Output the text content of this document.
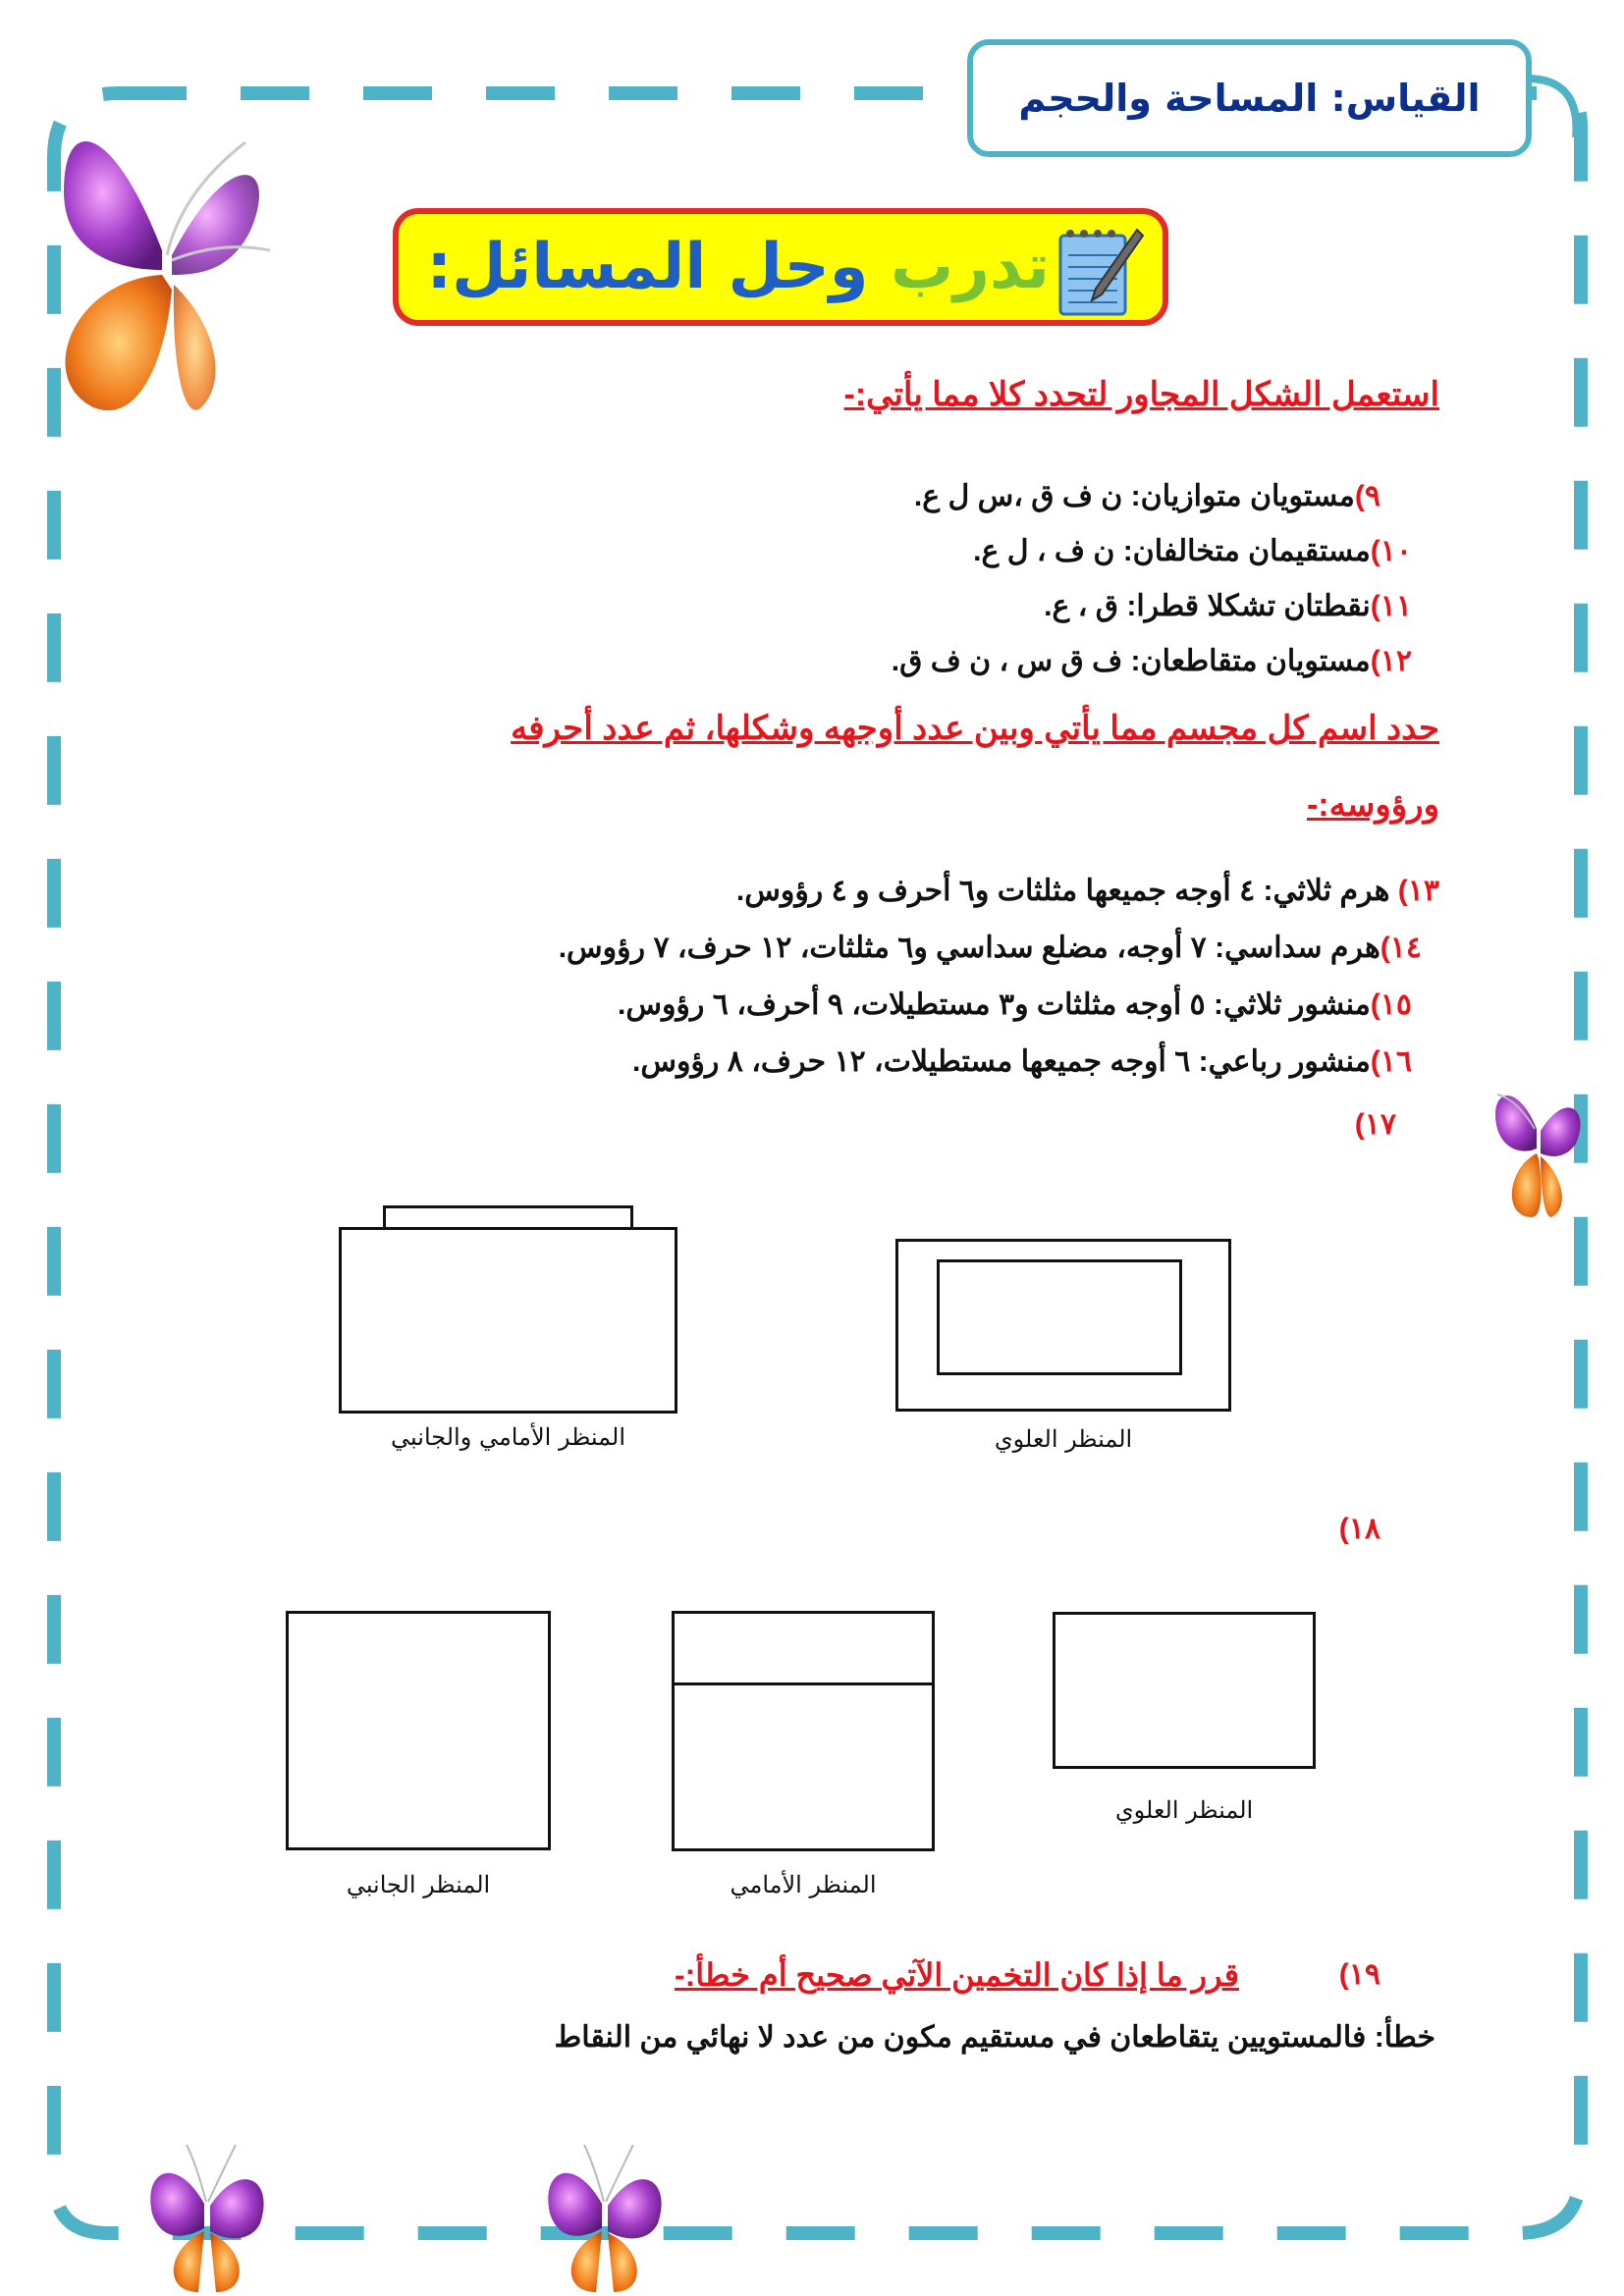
القياس: المساحة والحجم
تدرب وحل المسائل:
استعمل الشكل المجاور لتحدد كلا مما يأتي:-
٩)مستويان متوازيان: ن ف ق ،س ل ع.
١٠)مستقيمان متخالفان: ن ف ، ل ع.
١١)نقطتان تشكلا قطرا: ق ، ع.
١٢)مستويان متقاطعان: ف ق س ، ن ف ق.
حدد اسم كل مجسم مما يأتي وبين عدد أوجهه وشكلها، ثم عدد أحرفه
ورؤوسه:-
١٣) هرم ثلاثي: ٤ أوجه جميعها مثلثات و٦ أحرف و ٤ رؤوس.
١٤)هرم سداسي: ٧ أوجه، مضلع سداسي و٦ مثلثات، ١٢ حرف، ٧ رؤوس.
١٥)منشور ثلاثي: ٥ أوجه مثلثات و٣ مستطيلات، ٩ أحرف، ٦ رؤوس.
١٦)منشور رباعي: ٦ أوجه جميعها مستطيلات، ١٢ حرف، ٨ رؤوس.
١٧)
المنظر الأمامي والجانبي	المنظر العلوي
١٨)
المنظر العلوي
المنظر الأمامي
المنظر الجانبي
١٩)
قرر ما إذا كان التخمين الآتي صحيح أم خطأ:-
خطأ: فالمستويين يتقاطعان في مستقيم مكون من عدد لا نهائي من النقاط
